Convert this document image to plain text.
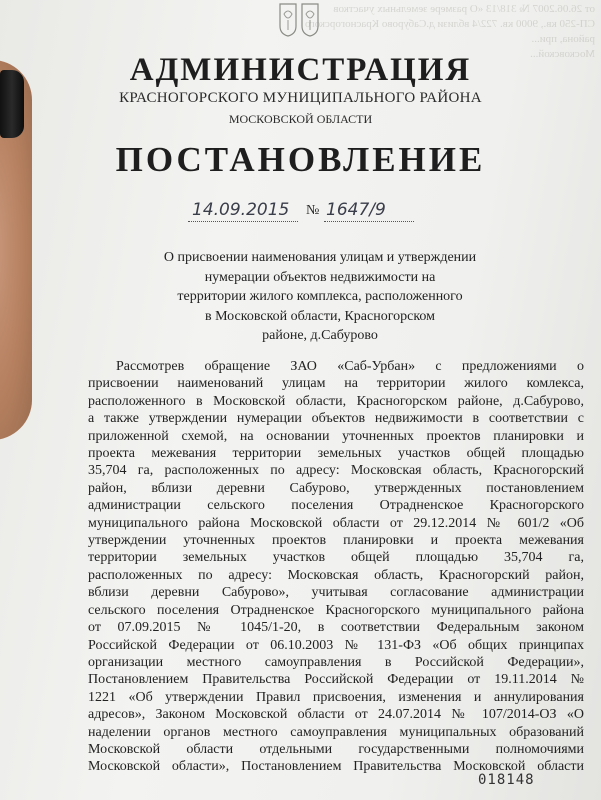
от 26.06.2007 № 318/13 «О размере земельных участков
СП-250 кв., 9000 кв. 722/4 вблизи д.Сабурово Красногорского
района, при...
Московской...
АДМИНИСТРАЦИЯ
КРАСНОГОРСКОГО МУНИЦИПАЛЬНОГО РАЙОНА
МОСКОВСКОЙ ОБЛАСТИ
ПОСТАНОВЛЕНИЕ
14.09.2015 № 1647/9
О присвоении наименования улицам и утверждении
нумерации объектов недвижимости на
территории жилого комплекса, расположенного
в Московской области, Красногорском
районе, д.Сабурово
Рассмотрев обращение ЗАО «Саб-Урбан» с предложениями о
присвоении наименований улицам на территории жилого комлекса,
расположенного в Московской области, Красногорском районе, д.Сабурово,
а также утверждении нумерации объектов недвижимости в соответствии с
приложенной схемой, на основании уточненных проектов планировки и
проекта межевания территории земельных участков общей площадью
35,704 га, расположенных по адресу: Московская область, Красногорский
район, вблизи деревни Сабурово, утвержденных постановлением
администрации сельского поселения Отрадненское Красногорского
муниципального района Московской области от 29.12.2014 № 601/2 «Об
утверждении уточненных проектов планировки и проекта межевания
территории земельных участков общей площадью 35,704 га,
расположенных по адресу: Московская область, Красногорский район,
вблизи деревни Сабурово», учитывая согласование администрации
сельского поселения Отрадненское Красногорского муниципального района
от 07.09.2015 № 1045/1-20, в соответствии Федеральным законом
Российской Федерации от 06.10.2003 № 131-ФЗ «Об общих принципах
организации местного самоуправления в Российской Федерации»,
Постановлением Правительства Российской Федерации от 19.11.2014 №
1221 «Об утверждении Правил присвоения, изменения и аннулирования
адресов», Законом Московской области от 24.07.2014 № 107/2014-ОЗ «О
наделении органов местного самоуправления муниципальных образований
Московской области отдельными государственными полномочиями
Московской области», Постановлением Правительства Московской области
018148
